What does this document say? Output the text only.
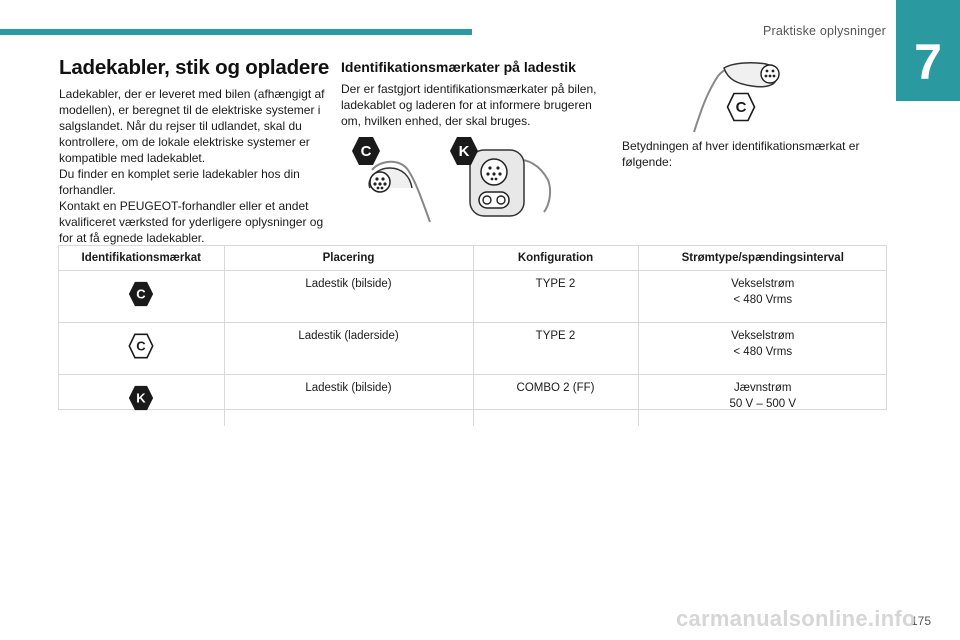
Praktiske oplysninger
7
Ladekabler, stik og opladere

Ladekabler, der er leveret med bilen (afhængigt af modellen), er beregnet til de elektriske systemer i salgslandet. Når du rejser til udlandet, skal du kontrollere, om de lokale elektriske systemer er kompatible med ladekablet.

Du finder en komplet serie ladekabler hos din forhandler.

Kontakt en PEUGEOT-forhandler eller et andet kvalificeret værksted for yderligere oplysninger og for at få egnede ladekabler.

Identifikationsmærkater på ladestik

Der er fastgjort identifikationsmærkater på bilen, ladekablet og laderen for at informere brugeren om, hvilken enhed, der skal bruges.

C	K
C

Betydningen af hver identifikationsmærkat er følgende:

Identifikationsmærkat	Placering	Konfiguration	Strømtype/spændingsinterval

C	Ladestik (bilside)	TYPE 2	Vekselstrøm
< 480 Vrms

C	Ladestik (laderside)	TYPE 2	Vekselstrøm
< 480 Vrms

K	Ladestik (bilside)	COMBO 2 (FF)	Jævnstrøm
50 V – 500 V
175
carmanualsonline.info
